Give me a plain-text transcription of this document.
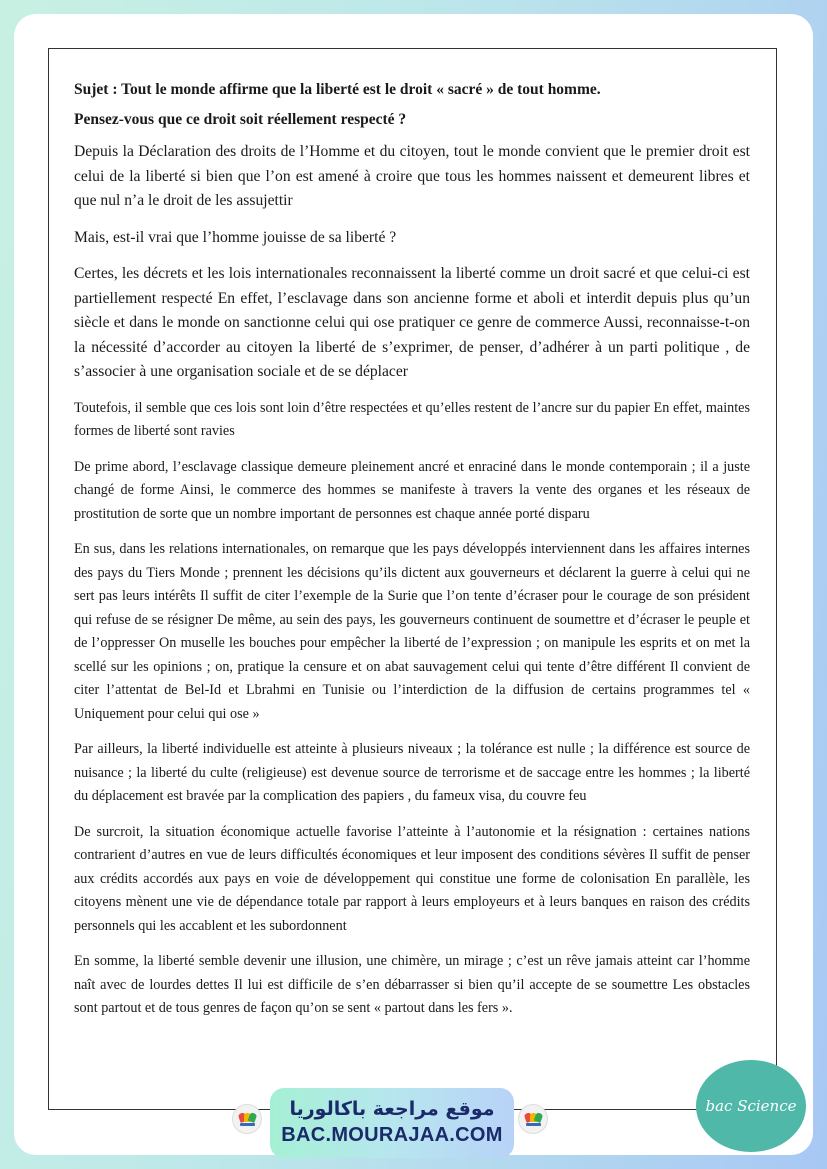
Sujet : Tout le monde affirme que la liberté est le droit « sacré » de tout homme.

Pensez-vous que ce droit soit réellement respecté ?

Depuis la Déclaration des droits de l’Homme et du citoyen, tout le monde convient que le premier droit est celui de la liberté si bien que l’on est amené à croire que tous les hommes naissent et demeurent libres et que nul n’a le droit de les assujettir

Mais, est-il vrai que l’homme jouisse de sa liberté ?

Certes, les décrets et les lois internationales reconnaissent la liberté comme un droit sacré et que celui-ci est partiellement respecté En effet, l’esclavage dans son ancienne forme et aboli et interdit depuis plus qu’un siècle et dans le monde on sanctionne celui qui ose pratiquer ce genre de commerce Aussi, reconnaisse-t-on la nécessité d’accorder au citoyen la liberté de s’exprimer, de penser, d’adhérer à un parti politique , de s’associer à une organisation sociale et de se déplacer

Toutefois, il semble que ces lois sont loin d’être respectées et qu’elles restent de l’ancre sur du papier En effet, maintes formes de liberté sont ravies

De prime abord, l’esclavage classique demeure pleinement ancré et enraciné dans le monde contemporain ; il a juste changé de forme Ainsi, le commerce des hommes se manifeste à travers la vente des organes et les réseaux de prostitution de sorte que un nombre important de personnes est chaque année porté disparu

En sus, dans les relations internationales, on remarque que les pays développés interviennent dans les affaires internes des pays du Tiers Monde ; prennent les décisions qu’ils dictent aux gouverneurs et déclarent la guerre à celui qui ne sert pas leurs intérêts Il suffit de citer l’exemple de la Surie que l’on tente d’écraser pour le courage de son président qui refuse de se résigner De même, au sein des pays, les gouverneurs continuent de soumettre et d’écraser le peuple et de l’oppresser On muselle les bouches pour empêcher la liberté de l’expression ; on manipule les esprits et on met la scellé sur les opinions ; on, pratique la censure et on abat sauvagement celui qui tente d’être différent Il convient de citer l’attentat de Bel-Id et Lbrahmi en Tunisie ou l’interdiction de la diffusion de certains programmes tel « Uniquement pour celui qui ose »

Par ailleurs, la liberté individuelle est atteinte à plusieurs niveaux ; la tolérance est nulle ; la différence est source de nuisance ; la liberté du culte (religieuse) est devenue source de terrorisme et de saccage entre les hommes ; la liberté du déplacement est bravée par la complication des papiers , du fameux visa, du couvre feu

De surcroit, la situation économique actuelle favorise l’atteinte à l’autonomie et la résignation : certaines nations contrarient d’autres en vue de leurs difficultés économiques et leur imposent des conditions sévères Il suffit de penser aux crédits accordés aux pays en voie de développement qui constitue une forme de colonisation En parallèle, les citoyens mènent une vie de dépendance totale par rapport à leurs employeurs et à leurs banques en raison des crédits personnels qui les accablent et les subordonnent

En somme, la liberté semble devenir une illusion, une chimère, un mirage ; c’est un rêve jamais atteint car l’homme naît avec de lourdes dettes Il lui est difficile de s’en débarrasser si bien qu’il accepte de se soumettre Les obstacles sont partout et de tous genres de façon qu’on se sent « partout dans les fers ».

موقع مراجعة باكالوريا
BAC.MOURAJAA.COM
bac Science
